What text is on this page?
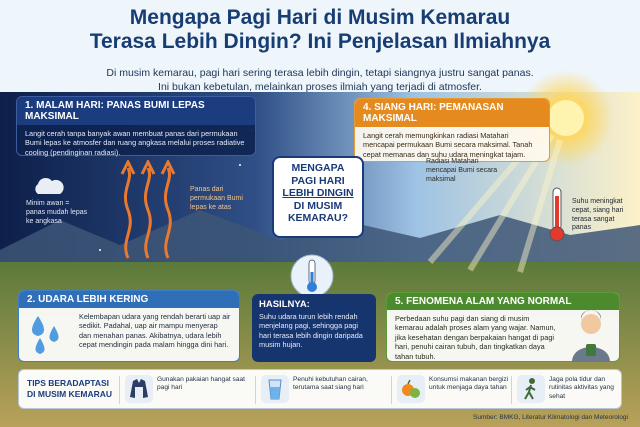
Mengapa Pagi Hari di Musim Kemarau
Terasa Lebih Dingin? Ini Penjelasan Ilmiahnya
Di musim kemarau, pagi hari sering terasa lebih dingin, tetapi siangnya justru sangat panas.
Ini bukan kebetulan, melainkan proses ilmiah yang terjadi di atmosfer.
1. MALAM HARI: PANAS BUMI LEPAS MAKSIMAL
Langit cerah tanpa banyak awan membuat panas dari permukaan Bumi lepas ke atmosfer dan ruang angkasa melalui proses radiative cooling (pendinginan radiasi).
Panas dari permukaan Bumi lepas ke atas
Minim awan = panas mudah lepas ke angkasa
4. SIANG HARI: PEMANASAN MAKSIMAL
Langit cerah memungkinkan radiasi Matahari mencapai permukaan Bumi secara maksimal. Tanah cepat memanas dan suhu udara meningkat tajam.
Radiasi Matahari mencapai Bumi secara maksimal
Suhu meningkat cepat, siang hari terasa sangat panas
MENGAPA
PAGI HARI
LEBIH DINGIN
DI MUSIM
KEMARAU?
2. UDARA LEBIH KERING
Kelembapan udara yang rendah berarti uap air sedikit. Padahal, uap air mampu menyerap dan menahan panas. Akibatnya, udara lebih cepat mendingin pada malam hingga dini hari.
HASILNYA:
Suhu udara turun lebih rendah menjelang pagi, sehingga pagi hari terasa lebih dingin daripada musim hujan.
5. FENOMENA ALAM YANG NORMAL
Perbedaan suhu pagi dan siang di musim kemarau adalah proses alam yang wajar. Namun, jika kesehatan dengan berpakaian hangat di pagi hari, penuhi cairan tubuh, dan tingkatkan daya tahan tubuh.
TIPS BERADAPTASI DI MUSIM KEMARAU
Gunakan pakaian hangat saat pagi hari
Penuhi kebutuhan cairan, terutama saat siang hari
Konsumsi makanan bergizi untuk menjaga daya tahan
Jaga pola tidur dan rutinitas aktivitas yang sehat
Sumber: BMKG, Literatur Klimatologi dan Meteorologi
